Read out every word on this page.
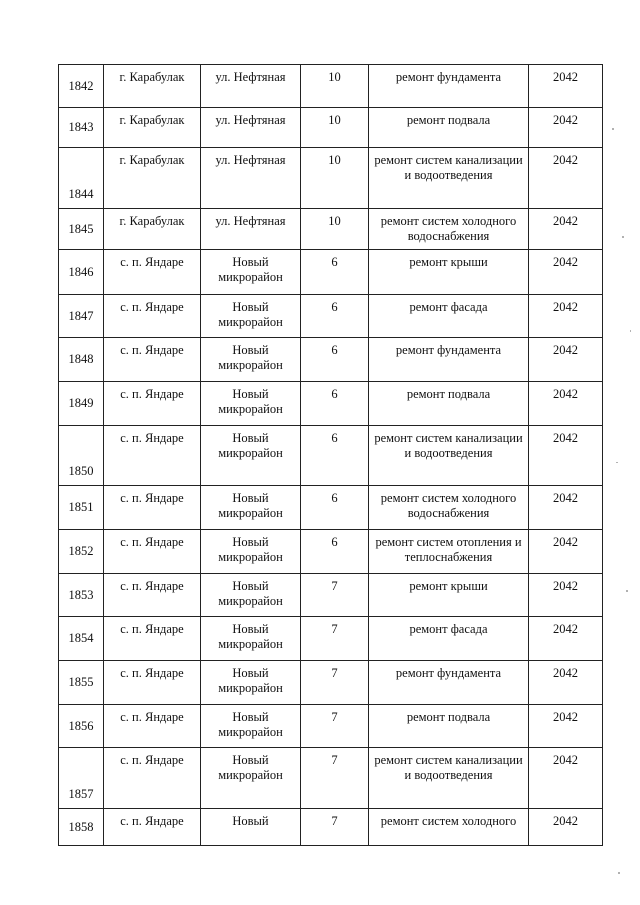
1842	г. Карабулак	ул. Нефтяная	10	ремонт фундамента	2042
1843	г. Карабулак	ул. Нефтяная	10	ремонт подвала	2042
1844	г. Карабулак	ул. Нефтяная	10	ремонт систем канализации и водоотведения	2042
1845	г. Карабулак	ул. Нефтяная	10	ремонт систем холодного водоснабжения	2042
1846	с. п. Яндаре	Новый микрорайон	6	ремонт крыши	2042
1847	с. п. Яндаре	Новый микрорайон	6	ремонт фасада	2042
1848	с. п. Яндаре	Новый микрорайон	6	ремонт фундамента	2042
1849	с. п. Яндаре	Новый микрорайон	6	ремонт подвала	2042
1850	с. п. Яндаре	Новый микрорайон	6	ремонт систем канализации и водоотведения	2042
1851	с. п. Яндаре	Новый микрорайон	6	ремонт систем холодного водоснабжения	2042
1852	с. п. Яндаре	Новый микрорайон	6	ремонт систем отопления и теплоснабжения	2042
1853	с. п. Яндаре	Новый микрорайон	7	ремонт крыши	2042
1854	с. п. Яндаре	Новый микрорайон	7	ремонт фасада	2042
1855	с. п. Яндаре	Новый микрорайон	7	ремонт фундамента	2042
1856	с. п. Яндаре	Новый микрорайон	7	ремонт подвала	2042
1857	с. п. Яндаре	Новый микрорайон	7	ремонт систем канализации и водоотведения	2042
1858	с. п. Яндаре	Новый	7	ремонт систем холодного	2042
